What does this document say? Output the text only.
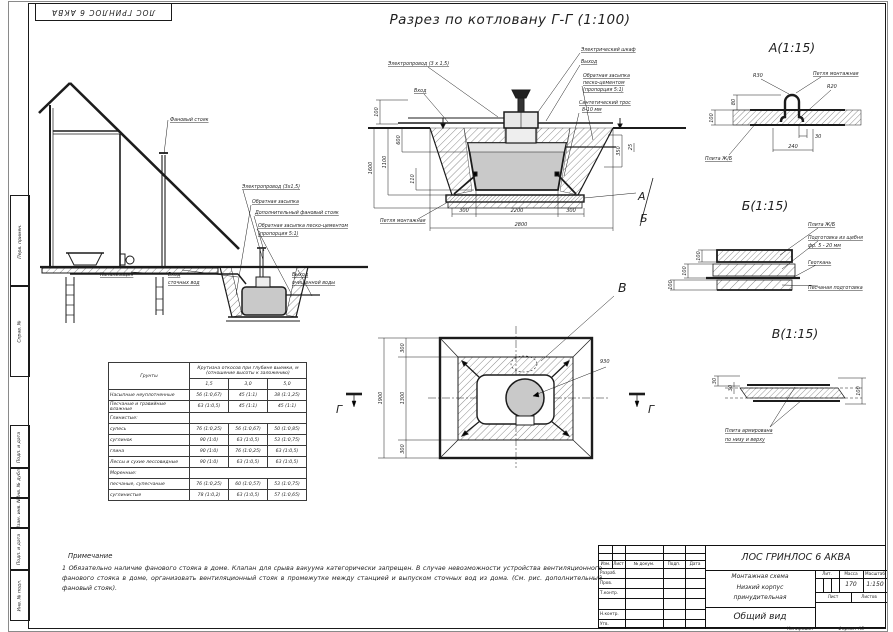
ЛОС ГРИНЛОС 6 АКВА
Перв. примен.
Справ. №
Подп. и дата
Инв. № дубл.
Взам. инв. №
Подп. и дата
Инв. № подл.
Разрез по котловану Г-Г (1:100)
Фановый стояк
Электропровод (3х1,5)
Обратная засыпка
Дополнительный фановый стояк
Обратная засыпка песко-цементом
(пропорция 5:1)
Канализация	Вход
сточных вод
Выход
очищенной воды
Электропровод (3 х 1,5)
Вход
Электрический шкаф
Выход
Обратная засыпка
песко-цементом
(пропорция 5:1)
Синтетический трос
8-10 мм
Петля монтажная
1600 1100
600
110
100
350 25
300	2200	300
2800
А
Б
А(1:15)
R30	Петля монтажная
R20
80
100
30
240
Плита Ж/Б
Б(1:15)
Плита Ж/Б
Подготовка из щебня
фр. 5 - 20 мм
Геоткань
Песчаная подготовка
100
100
100
В(1:15)
30
30	100
Плита армирована
по низу и верху
В
930
300
1300
300
1900
Г	Г
Грунты	Крутизна откосов при глубине выемки, м
(отношение высоты к заложению)		
	1,5	3,0	5,0
Насыпные неуплотненные	56 (1:0,67)	45 (1:1)	38 (1:1,25)
Песчаные и гравийные влажные	63 (1:0,5)	45 (1:1)	45 (1:1)
Глинистые:			
супесь	76 (1:0,25)	56 (1:0,67)	50 (1:0,85)
суглинок	90 (1:0)	63 (1:0,5)	53 (1:0,75)
глина	90 (1:0)	76 (1:0,25)	63 (1:0,5)
Лессы и сухие лессовидные	90 (1:0)	63 (1:0,5)	63 (1:0,5)
Моренные:			
песчаные, супесчаные	76 (1:0,25)	60 (1:0,57)	53 (1:0,75)
суглинистые	78 (1:0,2)	63 (1:0,5)	57 (1:0,65)
Примечание
1 Обязательно наличие фанового стояка в доме. Клапан для срыва вакуума категорически запрещен. В случае невозможности устройства вентиляционного фанового стояка в доме, организовать вентиляционный стояк в промежутке между станцией и выпуском сточных вод из дома. (См. рис. дополнительный фановый стояк).
Изм. Лист	№ докум.	Подп.	Дата
Разраб.
Пров.
Т.контр.
Н.контр.
Утв.
ЛОС ГРИНЛОС 6 АКВА
Монтажная схема
Низкий корпус
принудительная
Лит.	Масса	Масштаб
170	1:150
Лист	Листов
Общий вид
Копировал	Формат А3
